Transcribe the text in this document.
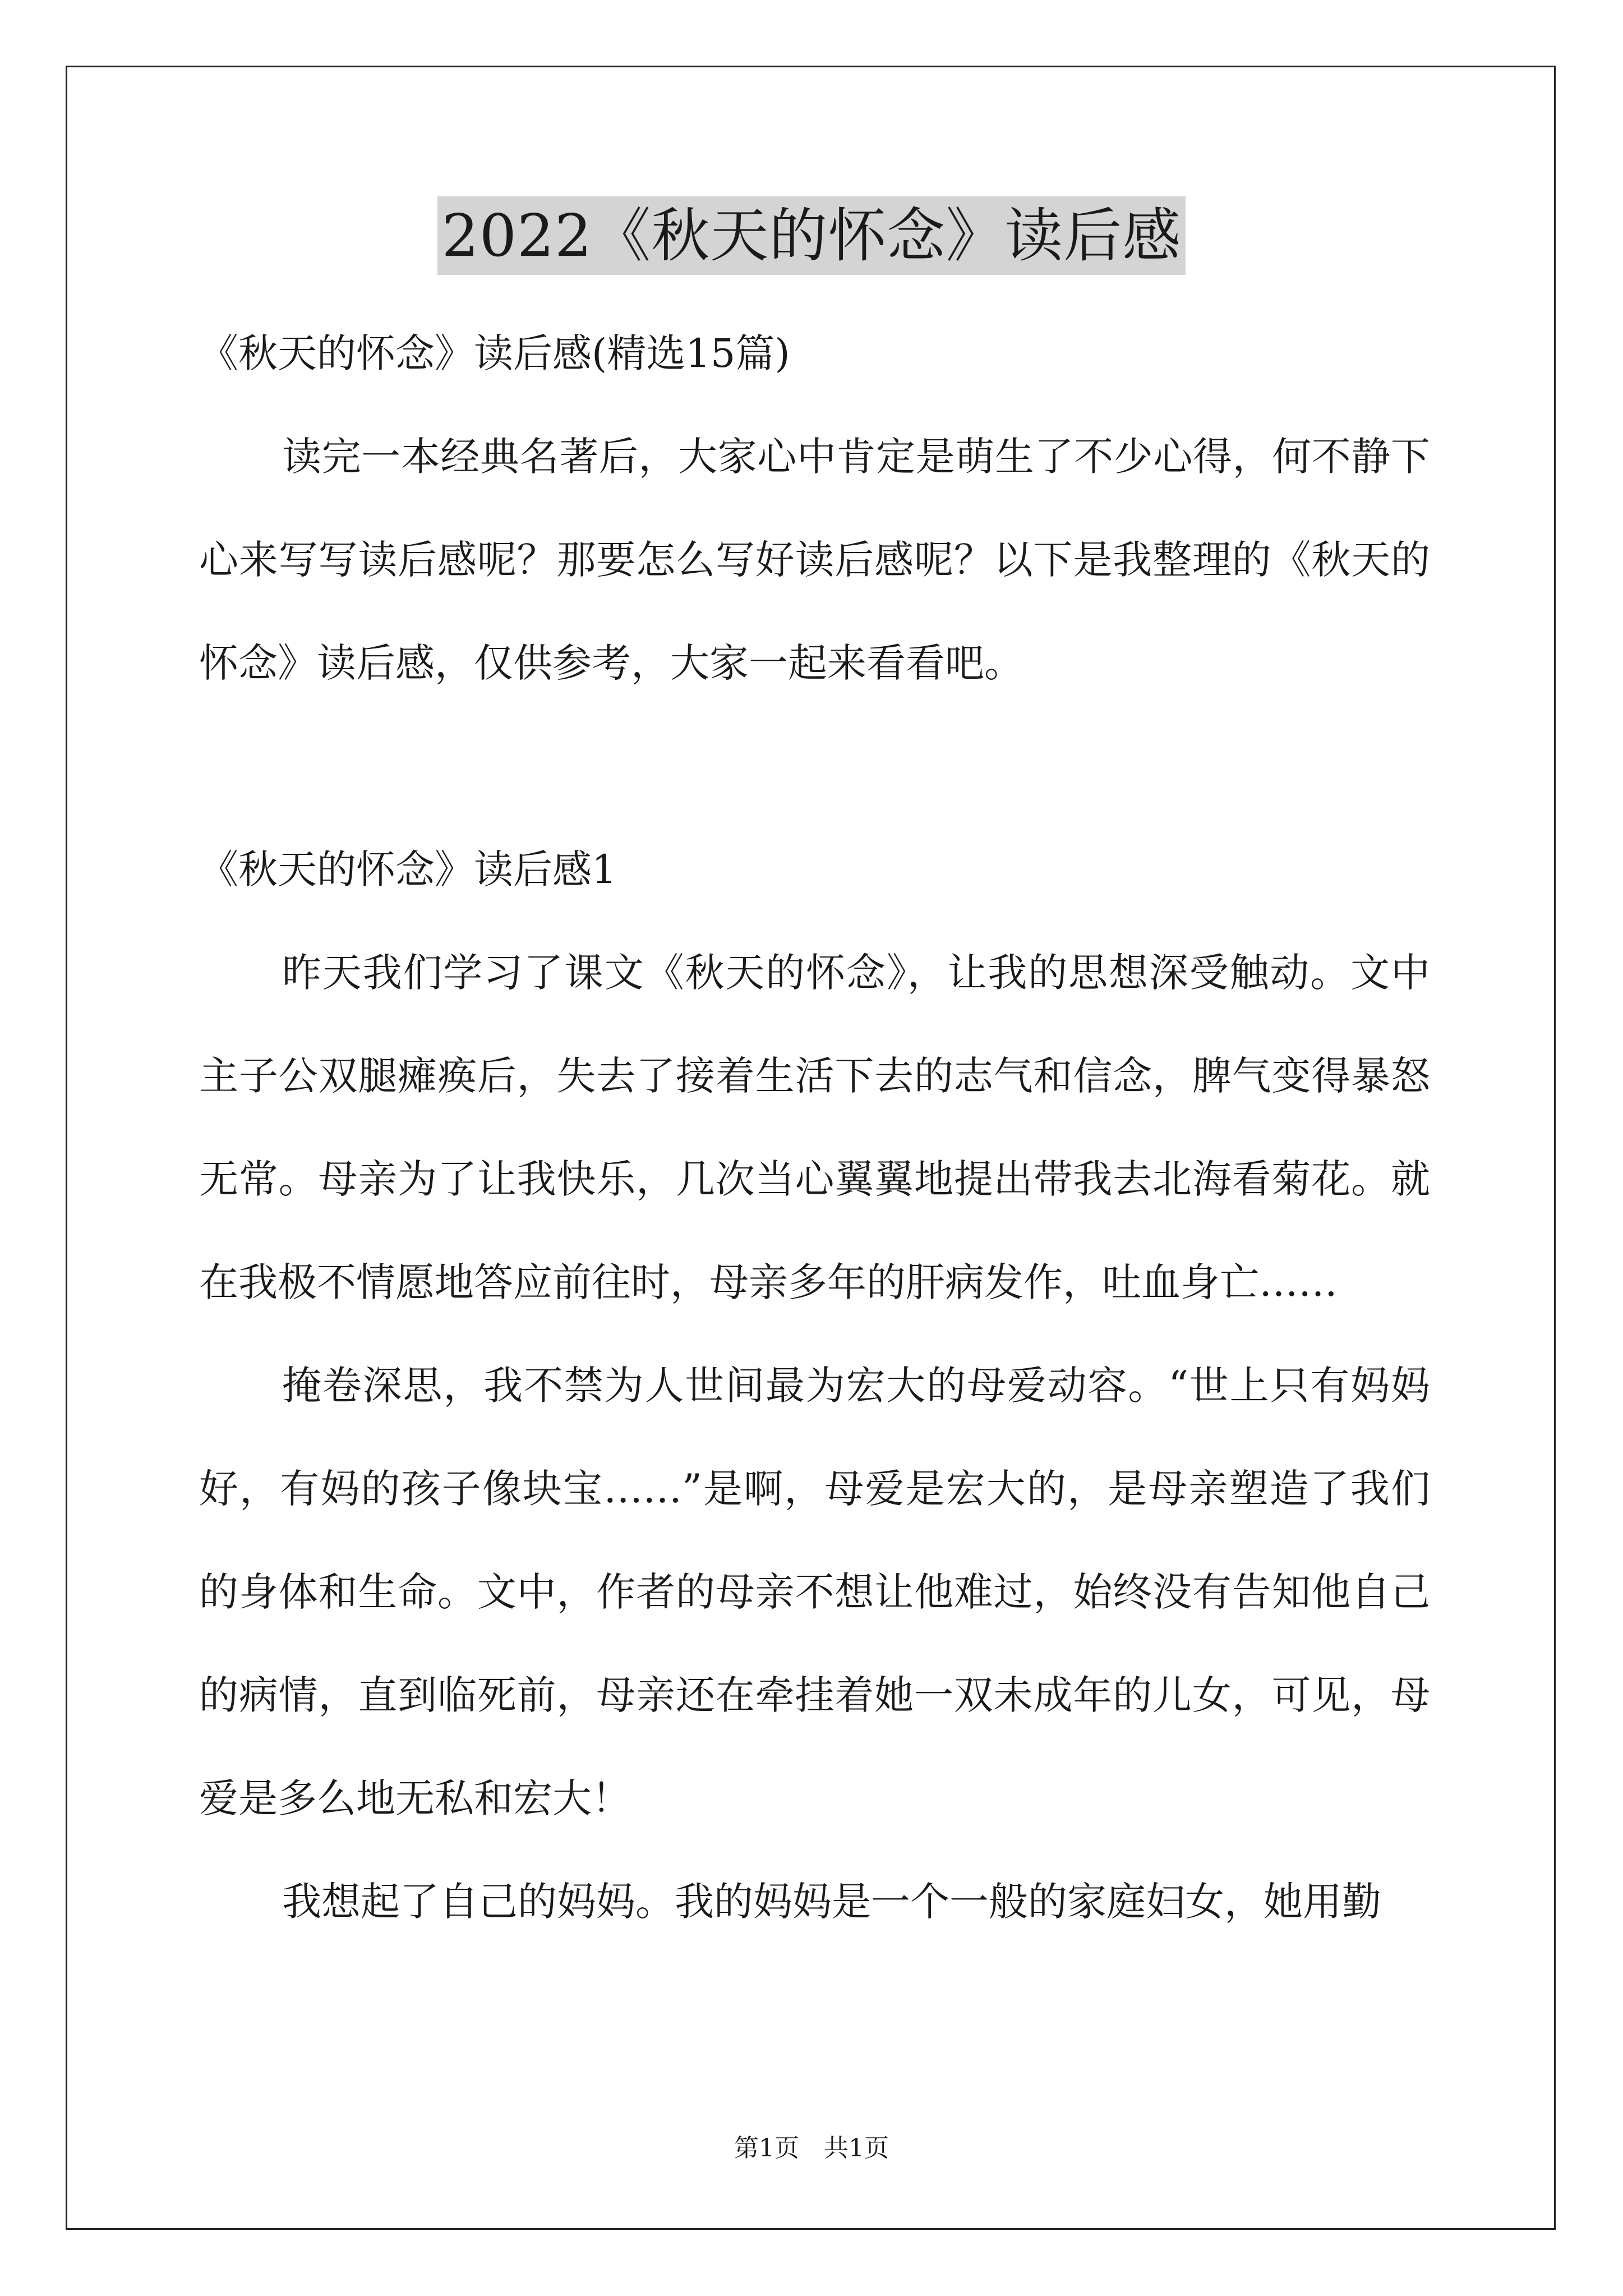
2022《秋天的怀念》读后感

《秋天的怀念》读后感(精选15篇)

读完一本经典名著后，大家心中肯定是萌生了不少心得，何不静下心来写写读后感呢？那要怎么写好读后感呢？以下是我整理的《秋天的怀念》读后感，仅供参考，大家一起来看看吧。

《秋天的怀念》读后感1

昨天我们学习了课文《秋天的怀念》，让我的思想深受触动。文中主子公双腿瘫痪后，失去了接着生活下去的志气和信念，脾气变得暴怒无常。母亲为了让我快乐，几次当心翼翼地提出带我去北海看菊花。就在我极不情愿地答应前往时，母亲多年的肝病发作，吐血身亡……

掩卷深思，我不禁为人世间最为宏大的母爱动容。“世上只有妈妈好，有妈的孩子像块宝……”是啊，母爱是宏大的，是母亲塑造了我们的身体和生命。文中，作者的母亲不想让他难过，始终没有告知他自己的病情，直到临死前，母亲还在牵挂着她一双未成年的儿女，可见，母爱是多么地无私和宏大！

我想起了自己的妈妈。我的妈妈是一个一般的家庭妇女，她用勤

第1页　共1页
